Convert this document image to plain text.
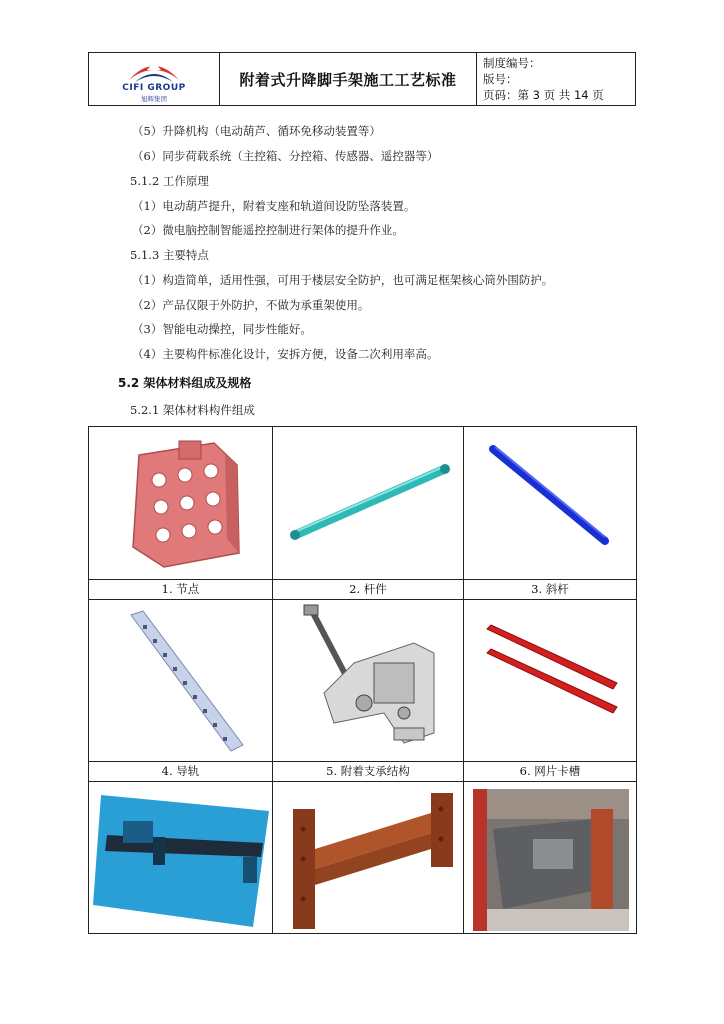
CIFI GROUP
旭辉集团
附着式升降脚手架施工工艺标准
制度编号：
版号：
页码：第 3 页 共 14 页
（5）升降机构（电动葫芦、循环免移动装置等）
（6）同步荷载系统（主控箱、分控箱、传感器、遥控器等）
5.1.2 工作原理
（1）电动葫芦提升，附着支座和轨道间设防坠落装置。
（2）微电脑控制智能遥控控制进行架体的提升作业。
5.1.3 主要特点
（1）构造简单，适用性强，可用于楼层安全防护，也可满足框架核心筒外围防护。
（2）产品仅限于外防护，不做为承重架使用。
（3）智能电动操控，同步性能好。
（4）主要构件标准化设计，安拆方便，设备二次利用率高。
5.2 架体材料组成及规格
5.2.1 架体材料构件组成
1. 节点	2. 杆件	3. 斜杆
4. 导轨	5. 附着支承结构	6. 网片卡槽
